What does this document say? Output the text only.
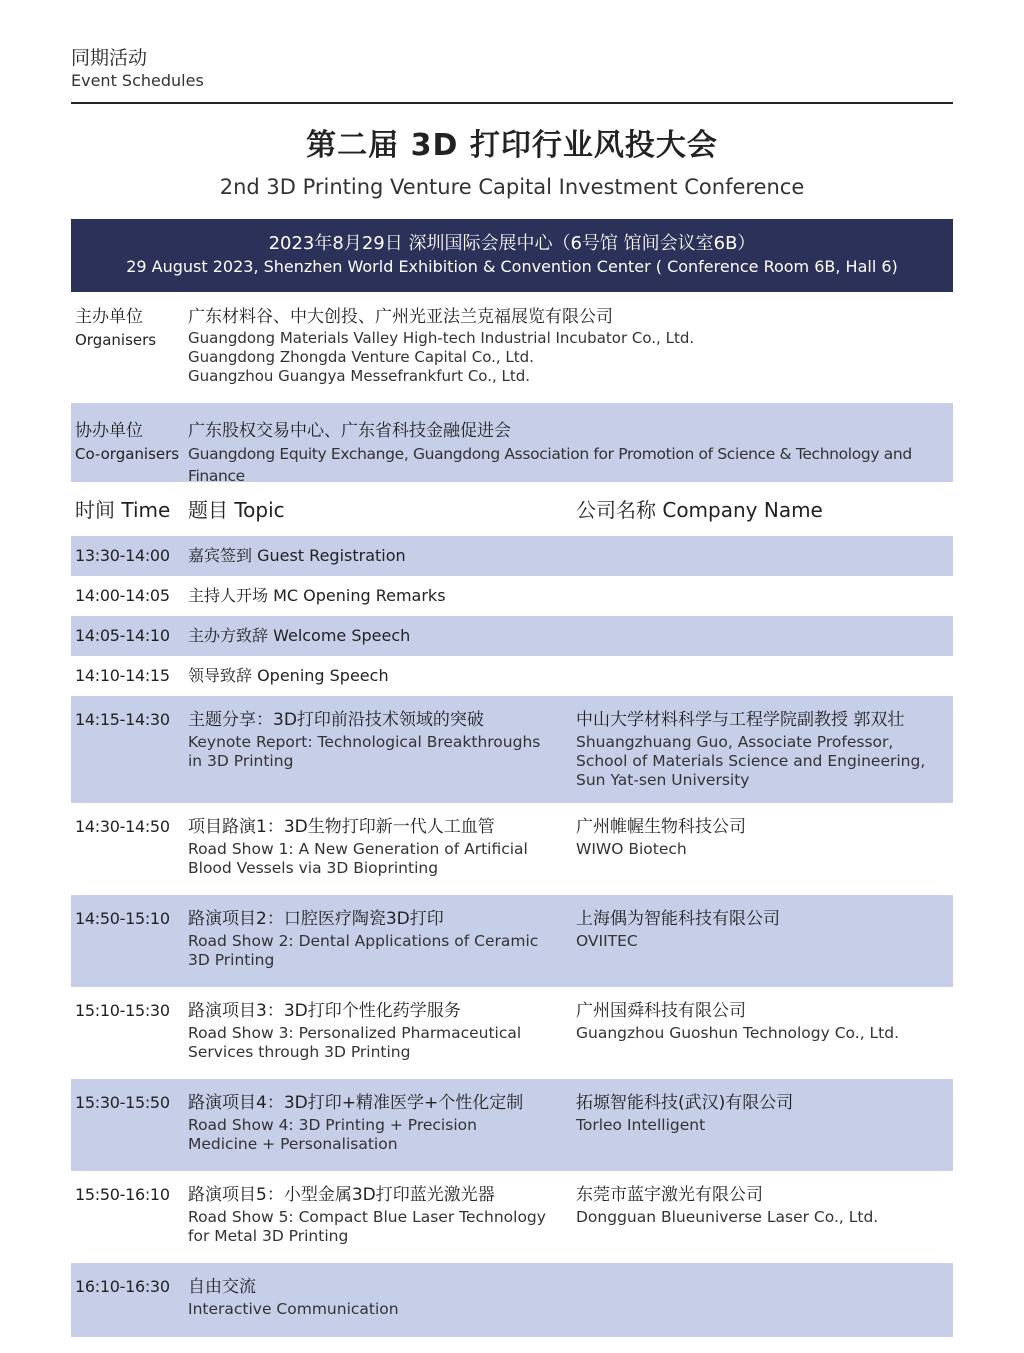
同期活动
Event Schedules
第二届 3D 打印行业风投大会
2nd 3D Printing Venture Capital Investment Conference
2023年8月29日 深圳国际会展中心（6号馆 馆间会议室6B）
29 August 2023, Shenzhen World Exhibition & Convention Center ( Conference Room 6B, Hall 6)
主办单位
Organisers
广东材料谷、中大创投、广州光亚法兰克福展览有限公司
Guangdong Materials Valley High-tech Industrial Incubator Co., Ltd.
Guangdong Zhongda Venture Capital Co., Ltd.
Guangzhou Guangya Messefrankfurt Co., Ltd.
协办单位
Co-organisers
广东股权交易中心、广东省科技金融促进会
Guangdong Equity Exchange, Guangdong Association for Promotion of Science & Technology and Finance
时间 Time 题目 Topic	公司名称 Company Name
13:30-14:00 嘉宾签到 Guest Registration
14:00-14:05 主持人开场 MC Opening Remarks
14:05-14:10 主办方致辞 Welcome Speech
14:10-14:15 领导致辞 Opening Speech
14:15-14:30 主题分享：3D打印前沿技术领域的突破
Keynote Report: Technological Breakthroughs
in 3D Printing
中山大学材料科学与工程学院副教授 郭双壮
Shuangzhuang Guo, Associate Professor,
School of Materials Science and Engineering,
Sun Yat-sen University
14:30-14:50 项目路演1：3D生物打印新一代人工血管
Road Show 1: A New Generation of Artificial
Blood Vessels via 3D Bioprinting
广州帷幄生物科技公司
WIWO Biotech
14:50-15:10 路演项目2：口腔医疗陶瓷3D打印
Road Show 2: Dental Applications of Ceramic
3D Printing
上海偶为智能科技有限公司
OVIITEC
15:10-15:30 路演项目3：3D打印个性化药学服务
Road Show 3: Personalized Pharmaceutical
Services through 3D Printing
广州国舜科技有限公司
Guangzhou Guoshun Technology Co., Ltd.
15:30-15:50 路演项目4：3D打印+精准医学+个性化定制
Road Show 4: 3D Printing + Precision
Medicine + Personalisation
拓塬智能科技(武汉)有限公司
Torleo Intelligent
15:50-16:10 路演项目5：小型金属3D打印蓝光激光器
Road Show 5: Compact Blue Laser Technology
for Metal 3D Printing
东莞市蓝宇激光有限公司
Dongguan Blueuniverse Laser Co., Ltd.
16:10-16:30 自由交流
Interactive Communication
